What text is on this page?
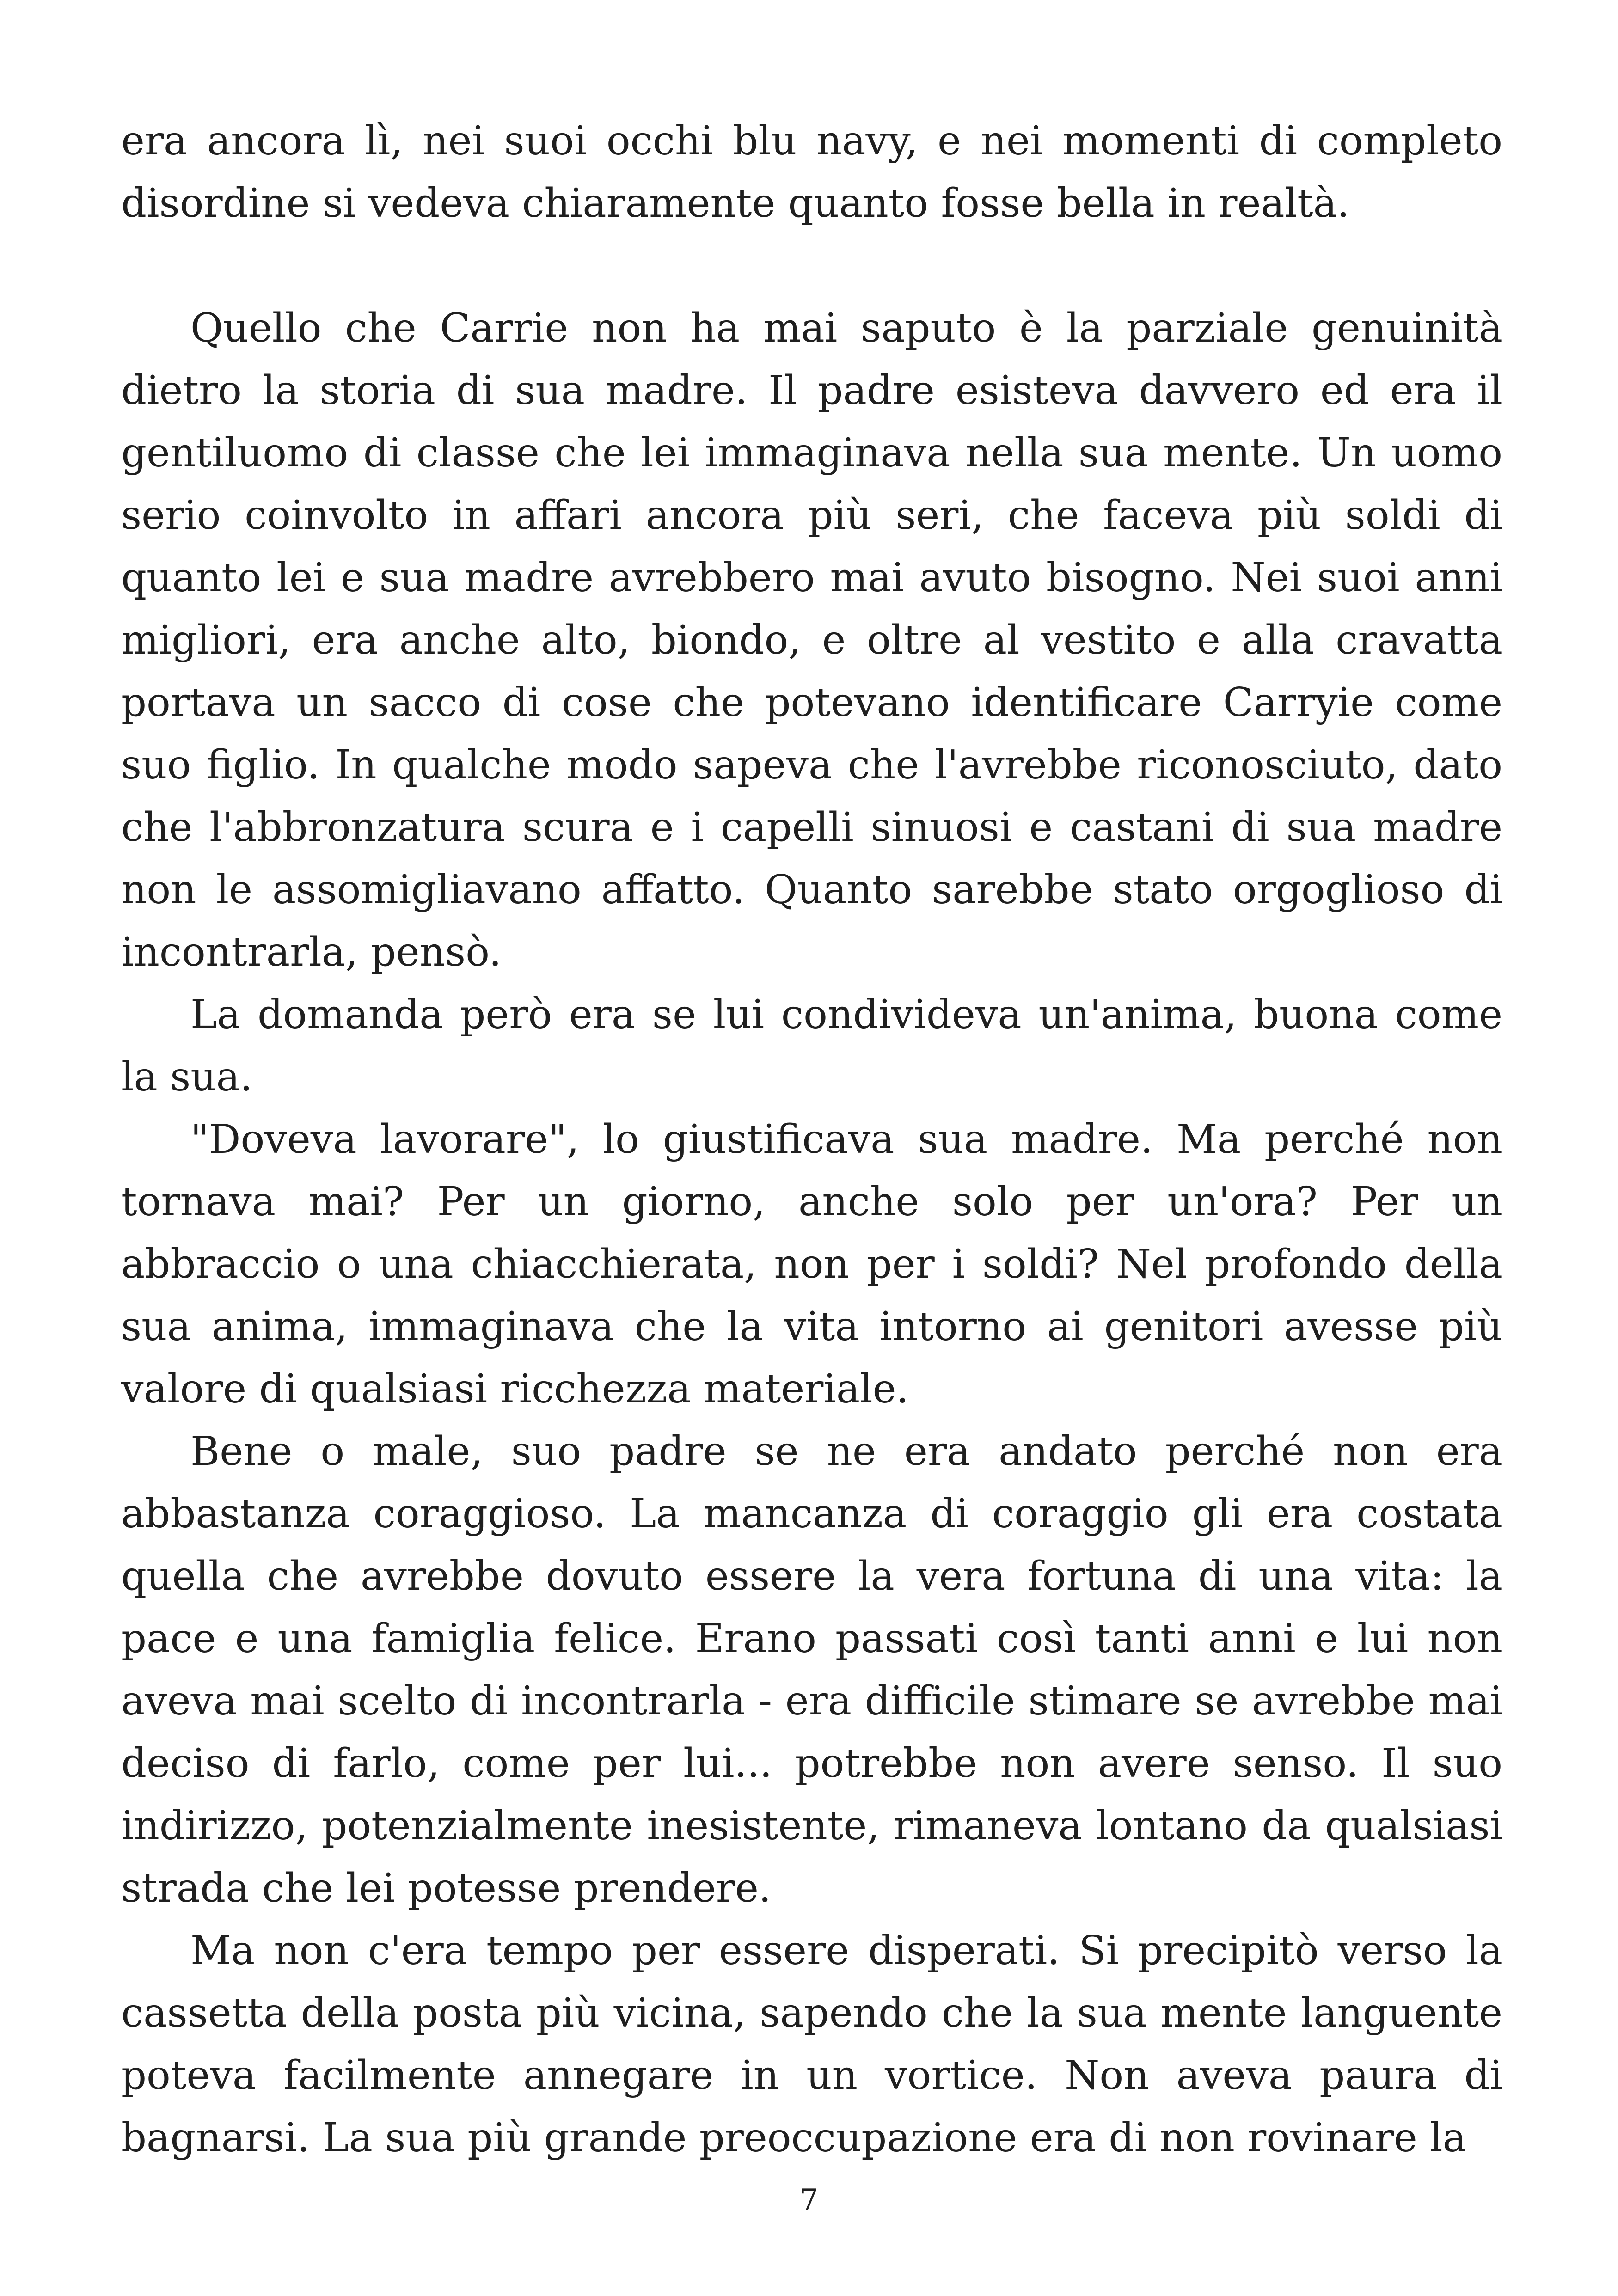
era ancora lì, nei suoi occhi blu navy, e nei momenti di completo disordine si vedeva chiaramente quanto fosse bella in realtà.

Quello che Carrie non ha mai saputo è la parziale genuinità dietro la storia di sua madre. Il padre esisteva davvero ed era il gentiluomo di classe che lei immaginava nella sua mente. Un uomo serio coinvolto in affari ancora più seri, che faceva più soldi di quanto lei e sua madre avrebbero mai avuto bisogno. Nei suoi anni migliori, era anche alto, biondo, e oltre al vestito e alla cravatta portava un sacco di cose che potevano identificare Carryie come suo figlio. In qualche modo sapeva che l'avrebbe riconosciuto, dato che l'abbronzatura scura e i capelli sinuosi e castani di sua madre non le assomigliavano affatto. Quanto sarebbe stato orgoglioso di incontrarla, pensò.

La domanda però era se lui condivideva un'anima, buona come la sua.

"Doveva lavorare", lo giustificava sua madre. Ma perché non tornava mai? Per un giorno, anche solo per un'ora? Per un abbraccio o una chiacchierata, non per i soldi? Nel profondo della sua anima, immaginava che la vita intorno ai genitori avesse più valore di qualsiasi ricchezza materiale.

Bene o male, suo padre se ne era andato perché non era abbastanza coraggioso. La mancanza di coraggio gli era costata quella che avrebbe dovuto essere la vera fortuna di una vita: la pace e una famiglia felice. Erano passati così tanti anni e lui non aveva mai scelto di incontrarla - era difficile stimare se avrebbe mai deciso di farlo, come per lui... potrebbe non avere senso. Il suo indirizzo, potenzialmente inesistente, rimaneva lontano da qualsiasi strada che lei potesse prendere.

Ma non c'era tempo per essere disperati. Si precipitò verso la cassetta della posta più vicina, sapendo che la sua mente languente poteva facilmente annegare in un vortice. Non aveva paura di bagnarsi. La sua più grande preoccupazione era di non rovinare la

7
